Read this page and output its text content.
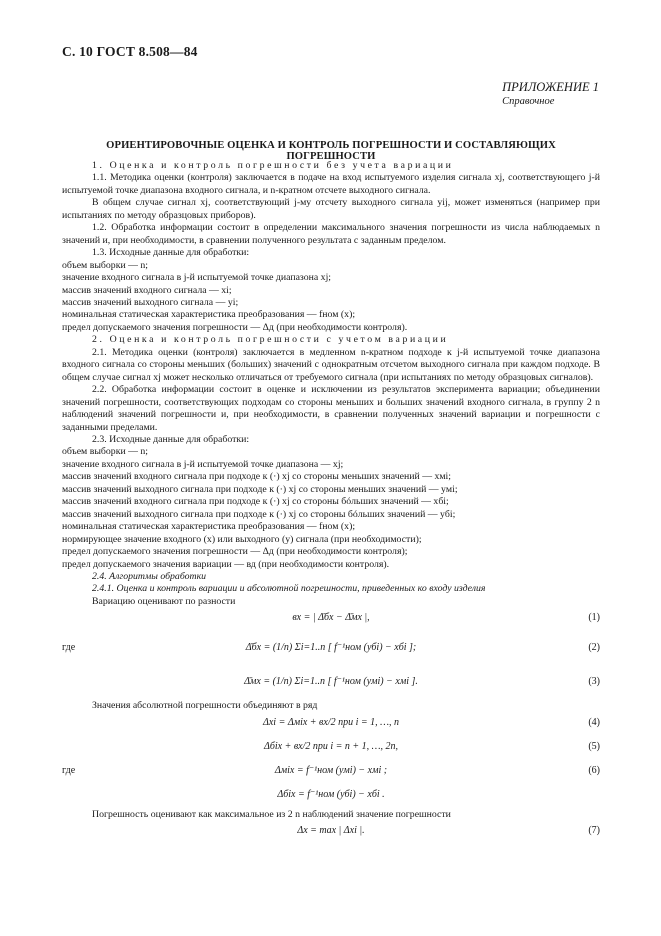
С. 10 ГОСТ 8.508—84
ПРИЛОЖЕНИЕ 1
Справочное
ОРИЕНТИРОВОЧНЫЕ ОЦЕНКА И КОНТРОЛЬ ПОГРЕШНОСТИ И СОСТАВЛЯЮЩИХ ПОГРЕШНОСТИ

1. Оценка и контроль погрешности без учета вариации

1.1. Методика оценки (контроля) заключается в подаче на вход испытуемого изделия сигнала xj, соответствующего j-й испытуемой точке диапазона входного сигнала, и n-кратном отсчете выходного сигнала.

В общем случае сигнал xj, соответствующий j-му отсчету выходного сигнала yij, может изменяться (например при испытаниях по методу образцовых приборов).

1.2. Обработка информации состоит в определении максимального значения погрешности из числа наблюдаемых n значений и, при необходимости, в сравнении полученного результата с заданным пределом.

1.3. Исходные данные для обработки:

объем выборки — n;

значение входного сигнала в j-й испытуемой точке диапазона xj;

массив значений входного сигнала — xi;

массив значений выходного сигнала — yi;

номинальная статическая характеристика преобразования — fном (x);

предел допускаемого значения погрешности — Δд (при необходимости контроля).

2. Оценка и контроль погрешности с учетом вариации

2.1. Методика оценки (контроля) заключается в медленном n-кратном подходе к j-й испытуемой точке диапазона входного сигнала со стороны меньших (больших) значений с однократным отсчетом выходного сигнала при каждом подходе. В общем случае сигнал xj может несколько отличаться от требуемого сигнала (при испытаниях по методу образцовых сигналов).

2.2. Обработка информации состоит в оценке и исключении из результатов эксперимента вариации; объединении значений погрешности, соответствующих подходам со стороны меньших и больших значений входного сигнала, в группу 2 n наблюдений значений погрешности и, при необходимости, в сравнении полученных значений вариации и погрешности с заданными пределами.

2.3. Исходные данные для обработки:

объем выборки — n;

значение входного сигнала в j-й испытуемой точке диапазона — xj;

массив значений входного сигнала при подходе к (·) xj со стороны меньших значений — xмi;

массив значений выходного сигнала при подходе к (·) xj со стороны меньших значений — yмi;

массив значений входного сигнала при подходе к (·) xj со стороны бóльших значений — xбi;

массив значений выходного сигнала при подходе к (·) xj со стороны бóльших значений — yбi;

номинальная статическая характеристика преобразования — fном (x);

нормирующее значение входного (x) или выходного (y) сигнала (при необходимости);

предел допускаемого значения погрешности — Δд (при необходимости контроля);

предел допускаемого значения вариации — вд (при необходимости контроля).

2.4. Алгоритмы обработки

2.4.1. Оценка и контроль вариации и абсолютной погрешности, приведенных ко входу изделия

Вариацию оценивают по разности

вx = | Δ̄бx − Δ̄мx |,	(1)
где	Δ̄бx = (1/n) Σi=1..n [ f⁻¹ном (yбi) − xбi ];	(2)
Δ̄мx = (1/n) Σi=1..n [ f⁻¹ном (yмi) − xмi ].	(3)

Значения абсолютной погрешности объединяют в ряд

Δxi = Δмix + вx/2 при i = 1, …, n	(4)
Δбix + вx/2 при i = n + 1, …, 2n,	(5)
где	Δмix = f⁻¹ном (yмi) − xмi ;	(6)
Δбix = f⁻¹ном (yбi) − xбi .

Погрешность оценивают как максимальное из 2 n наблюдений значение погрешности

Δx = max | Δxi |.	(7)
